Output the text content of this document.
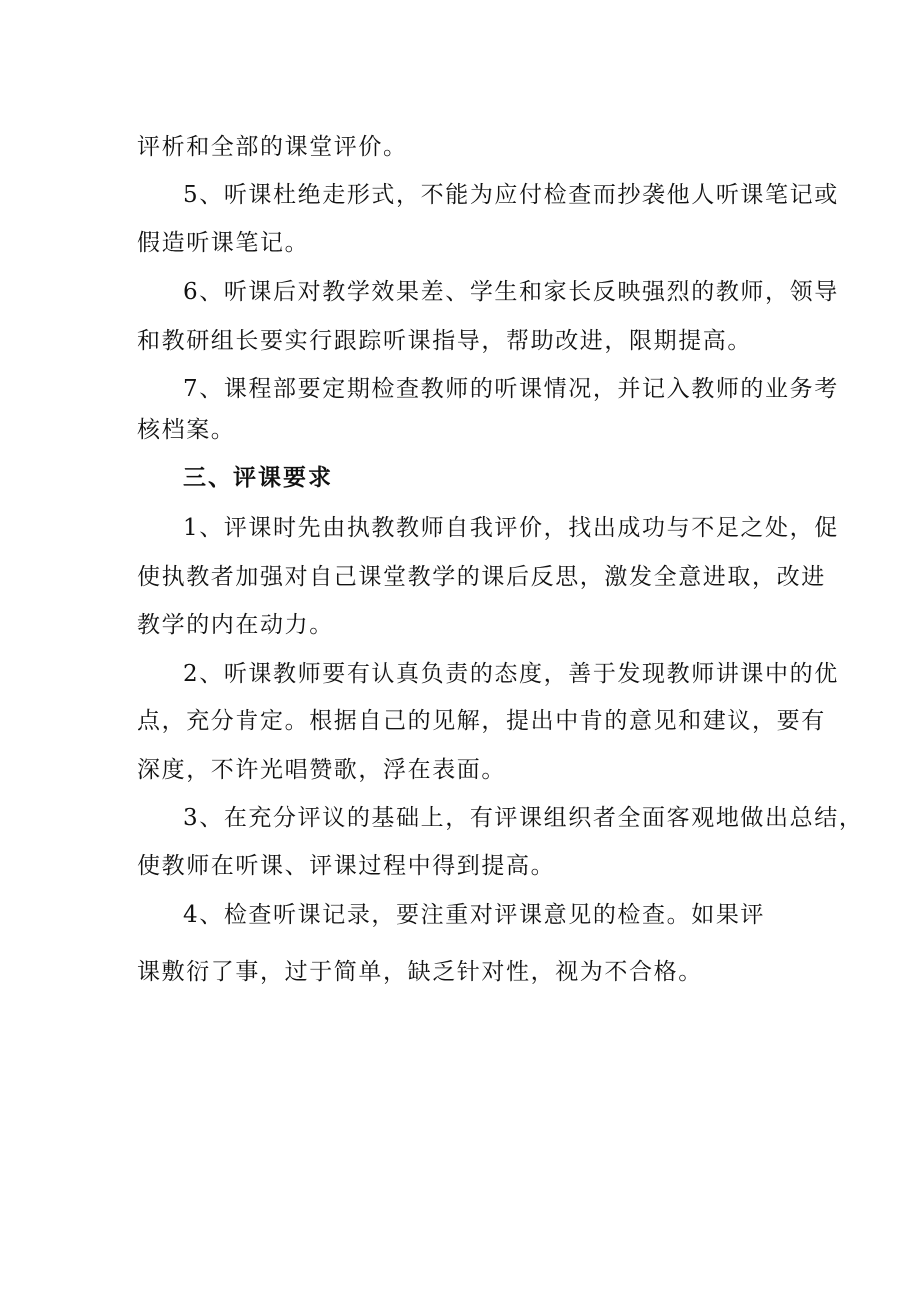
评析和全部的课堂评价。
5、听课杜绝走形式，不能为应付检查而抄袭他人听课笔记或
假造听课笔记。
6、听课后对教学效果差、学生和家长反映强烈的教师，领导
和教研组长要实行跟踪听课指导，帮助改进，限期提高。
7、课程部要定期检查教师的听课情况，并记入教师的业务考
核档案。
三、评课要求
1、评课时先由执教教师自我评价，找出成功与不足之处，促
使执教者加强对自己课堂教学的课后反思，激发全意进取，改进
教学的内在动力。
2、听课教师要有认真负责的态度，善于发现教师讲课中的优
点，充分肯定。根据自己的见解，提出中肯的意见和建议，要有
深度，不许光唱赞歌，浮在表面。
3、在充分评议的基础上，有评课组织者全面客观地做出总结，
使教师在听课、评课过程中得到提高。
4、检查听课记录，要注重对评课意见的检查。如果评
课敷衍了事，过于简单，缺乏针对性，视为不合格。
